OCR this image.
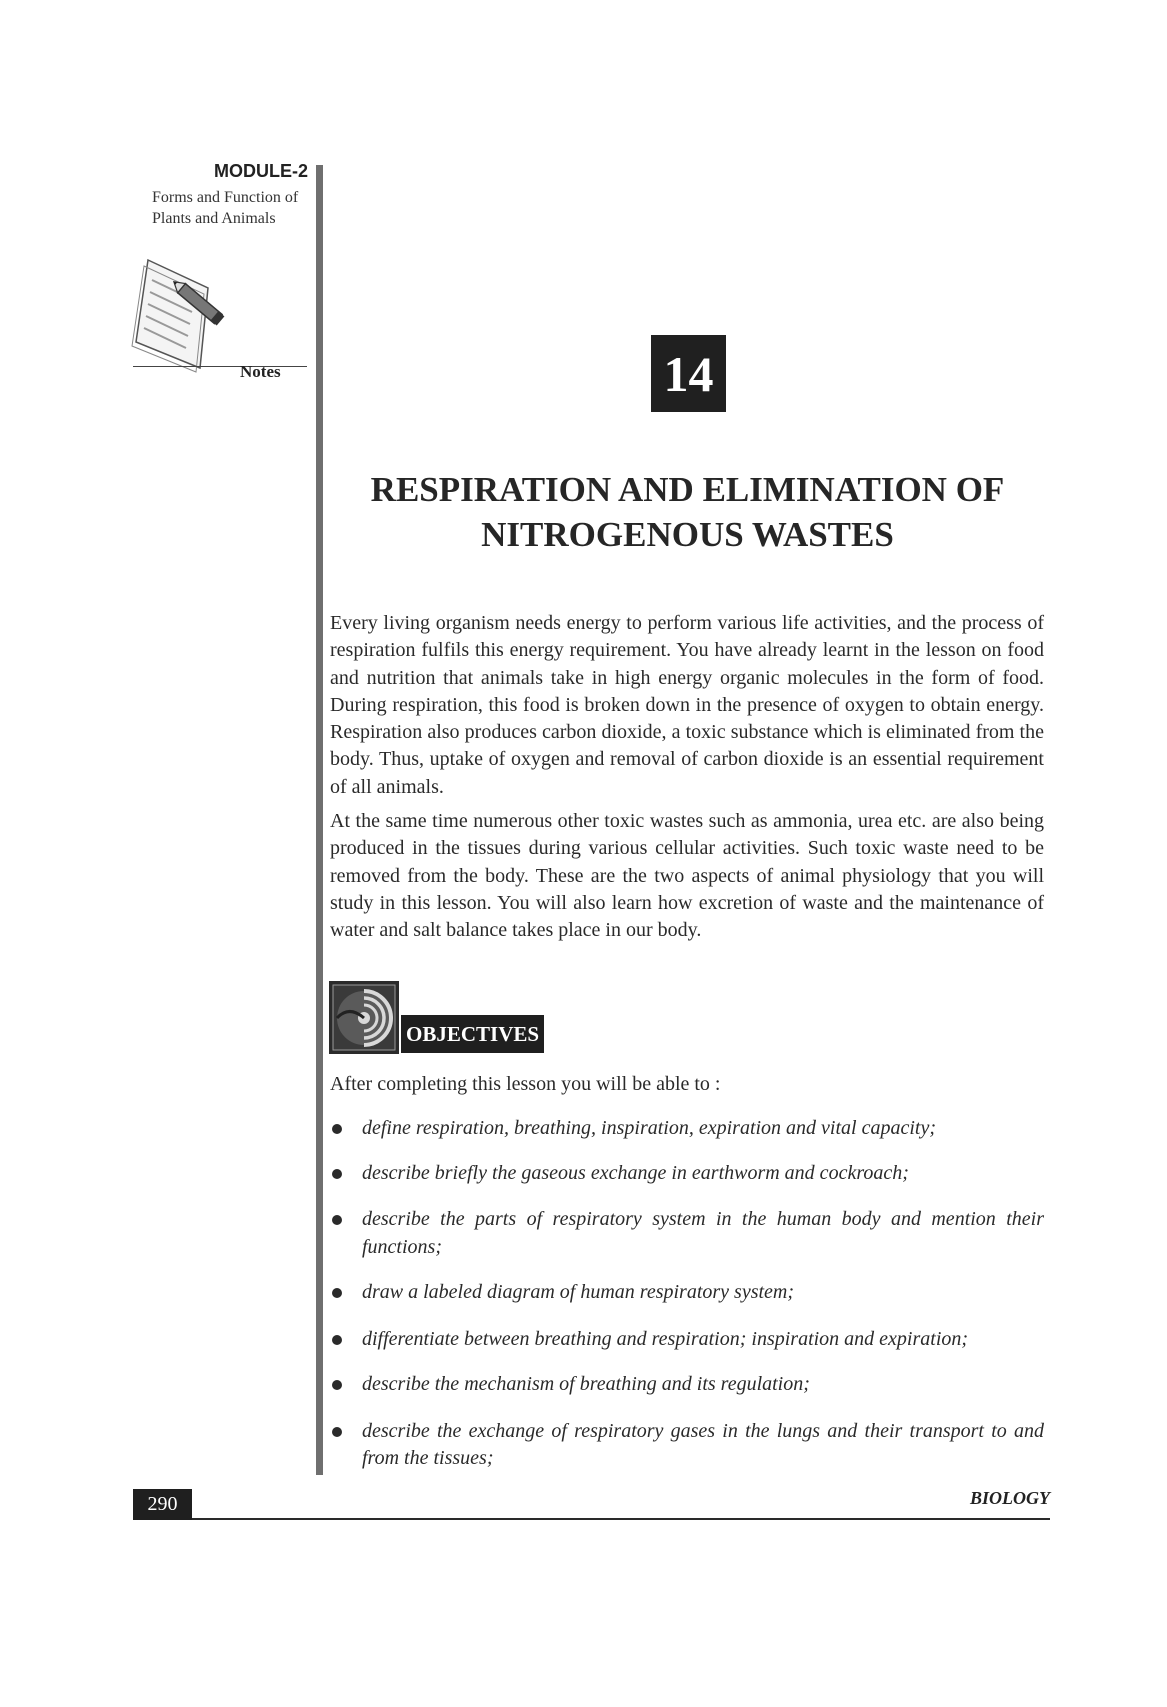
MODULE-2
Forms and Function of
Plants and Animals
Notes	14
RESPIRATION AND ELIMINATION OF
NITROGENOUS WASTES

Every living organism needs energy to perform various life activities, and the process of respiration fulfils this energy requirement. You have already learnt in the lesson on food and nutrition that animals take in high energy organic molecules in the form of food. During respiration, this food is broken down in the presence of oxygen to obtain energy. Respiration also produces carbon dioxide, a toxic substance which is eliminated from the body. Thus, uptake of oxygen and removal of carbon dioxide is an essential requirement of all animals.

At the same time numerous other toxic wastes such as ammonia, urea etc. are also being produced in the tissues during various cellular activities. Such toxic waste need to be removed from the body. These are the two aspects of animal physiology that you will study in this lesson. You will also learn how excretion of waste and the maintenance of water and salt balance takes place in our body.

OBJECTIVES
After completing this lesson you will be able to :
define respiration, breathing, inspiration, expiration and vital capacity;
describe briefly the gaseous exchange in earthworm and cockroach;
describe the parts of respiratory system in the human body and mention their functions;
draw a labeled diagram of human respiratory system;
differentiate between breathing and respiration; inspiration and expiration;
describe the mechanism of breathing and its regulation;
describe the exchange of respiratory gases in the lungs and their transport to and from the tissues;
290	BIOLOGY
